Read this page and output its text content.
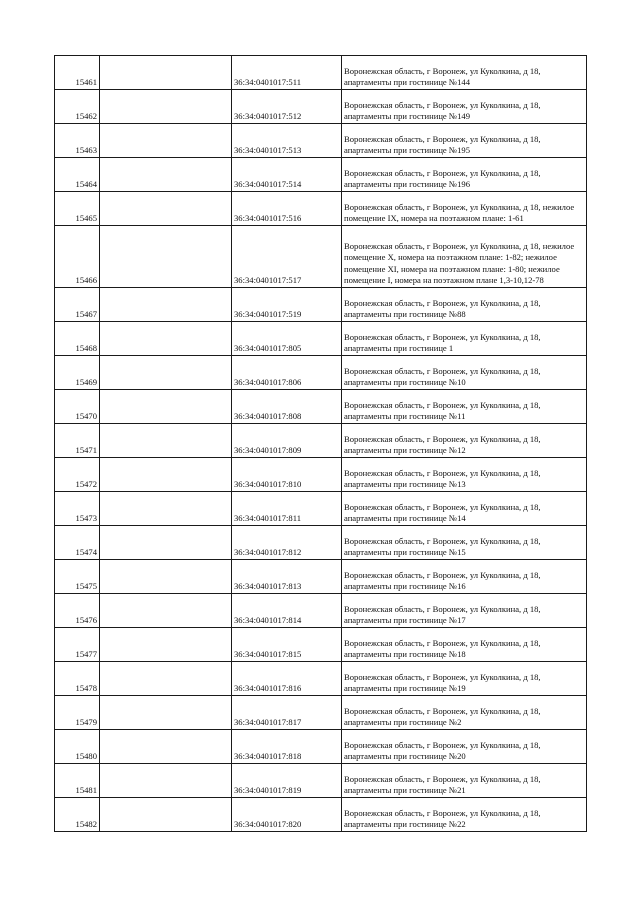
15461		36:34:0401017:511	Воронежская область, г Воронеж, ул Куколкина, д 18, апартаменты при гостинице №144
15462		36:34:0401017:512	Воронежская область, г Воронеж, ул Куколкина, д 18, апартаменты при гостинице №149
15463		36:34:0401017:513	Воронежская область, г Воронеж, ул Куколкина, д 18, апартаменты при гостинице №195
15464		36:34:0401017:514	Воронежская область, г Воронеж, ул Куколкина, д 18, апартаменты при гостинице №196
15465		36:34:0401017:516	Воронежская область, г Воронеж, ул Куколкина, д 18, нежилое помещение IX, номера на поэтажном плане: 1-61
15466		36:34:0401017:517	Воронежская область, г Воронеж, ул Куколкина, д 18, нежилое помещение X, номера на поэтажном плане: 1-82; нежилое помещение XI, номера на поэтажном плане: 1-80; нежилое помещение I, номера на поэтажном плане 1,3-10,12-78
15467		36:34:0401017:519	Воронежская область, г Воронеж, ул Куколкина, д 18, апартаменты при гостинице №88
15468		36:34:0401017:805	Воронежская область, г Воронеж, ул Куколкина, д 18, апартаменты при гостинице 1
15469		36:34:0401017:806	Воронежская область, г Воронеж, ул Куколкина, д 18, апартаменты при гостинице №10
15470		36:34:0401017:808	Воронежская область, г Воронеж, ул Куколкина, д 18, апартаменты при гостинице №11
15471		36:34:0401017:809	Воронежская область, г Воронеж, ул Куколкина, д 18, апартаменты при гостинице №12
15472		36:34:0401017:810	Воронежская область, г Воронеж, ул Куколкина, д 18, апартаменты при гостинице №13
15473		36:34:0401017:811	Воронежская область, г Воронеж, ул Куколкина, д 18, апартаменты при гостинице №14
15474		36:34:0401017:812	Воронежская область, г Воронеж, ул Куколкина, д 18, апартаменты при гостинице №15
15475		36:34:0401017:813	Воронежская область, г Воронеж, ул Куколкина, д 18, апартаменты при гостинице №16
15476		36:34:0401017:814	Воронежская область, г Воронеж, ул Куколкина, д 18, апартаменты при гостинице №17
15477		36:34:0401017:815	Воронежская область, г Воронеж, ул Куколкина, д 18, апартаменты при гостинице №18
15478		36:34:0401017:816	Воронежская область, г Воронеж, ул Куколкина, д 18, апартаменты при гостинице №19
15479		36:34:0401017:817	Воронежская область, г Воронеж, ул Куколкина, д 18, апартаменты при гостинице №2
15480		36:34:0401017:818	Воронежская область, г Воронеж, ул Куколкина, д 18, апартаменты при гостинице №20
15481		36:34:0401017:819	Воронежская область, г Воронеж, ул Куколкина, д 18, апартаменты при гостинице №21
15482		36:34:0401017:820	Воронежская область, г Воронеж, ул Куколкина, д 18, апартаменты при гостинице №22
